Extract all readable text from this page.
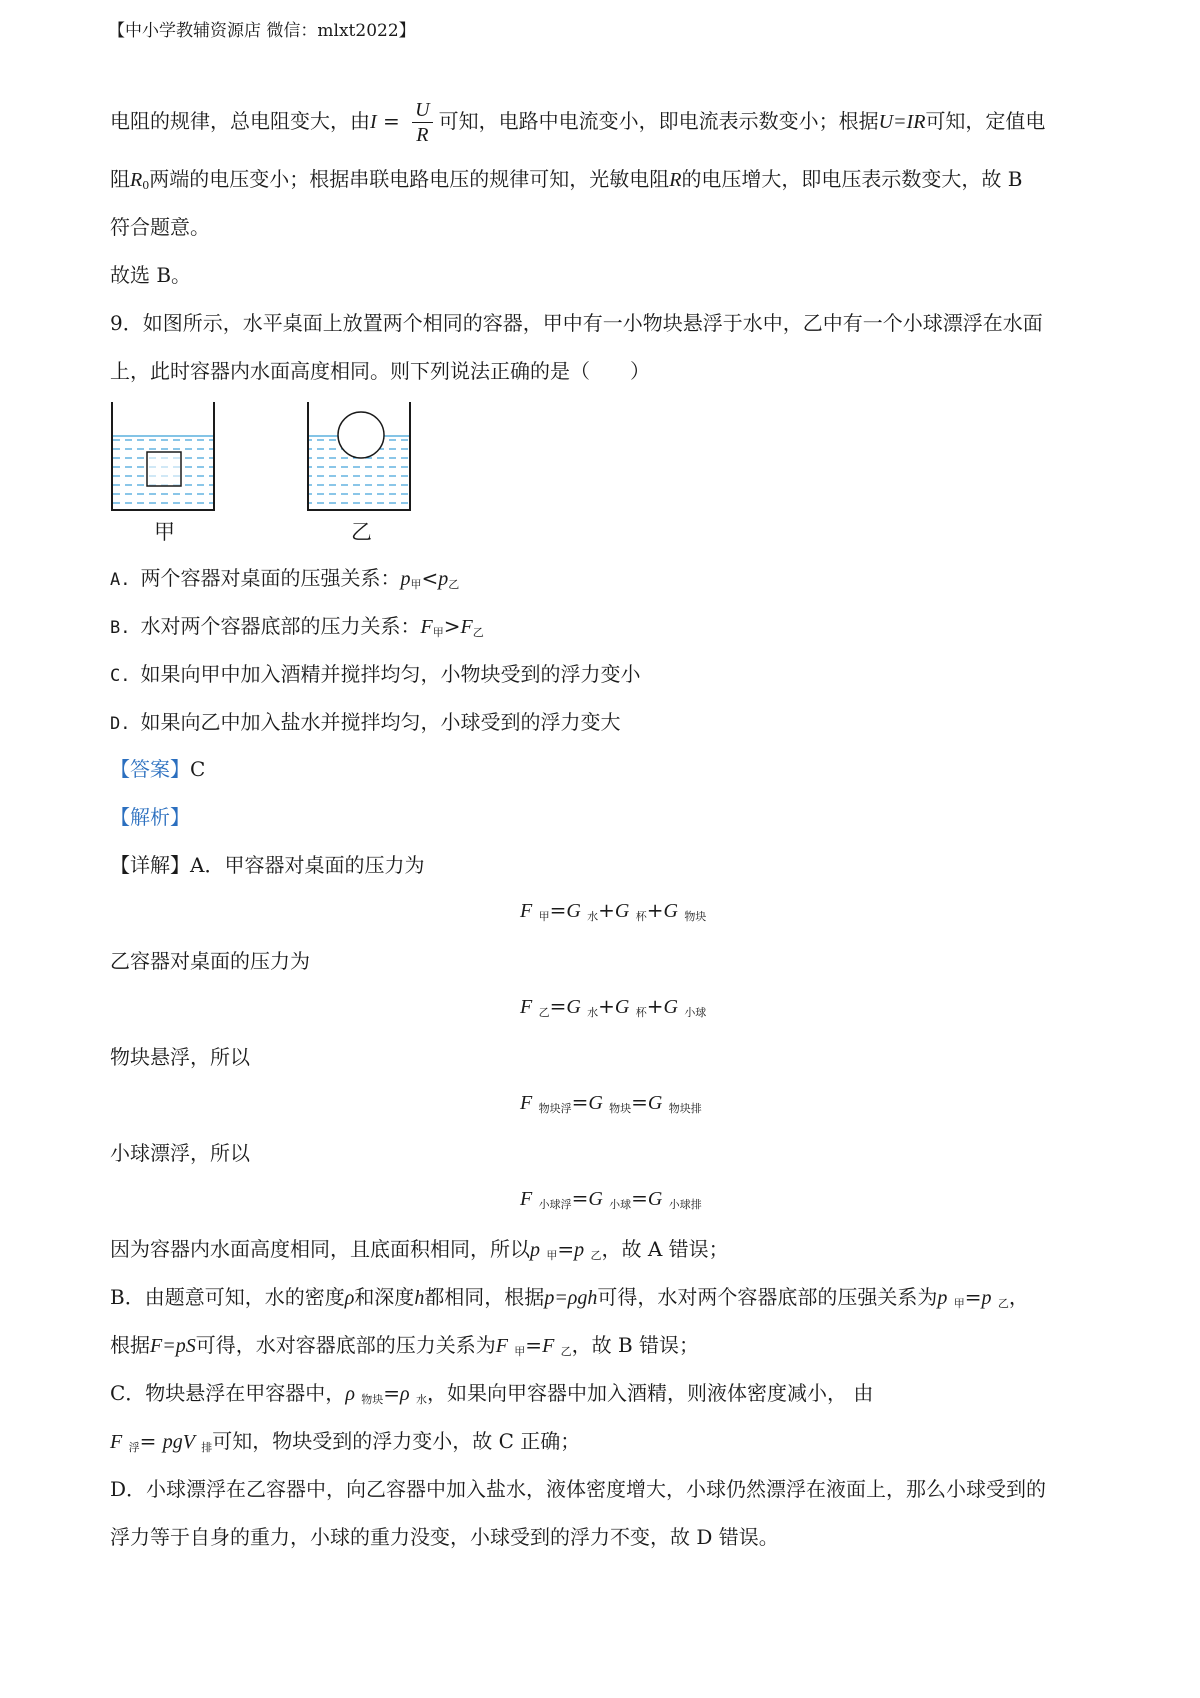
【中小学教辅资源店 微信：mlxt2022】
电阻的规律，总电阻变大，由$I = \frac{U}{R}$ 可知，电路中电流变小，即电流表示数变小；根据U=IR可知，定值电
阻$R_0$两端的电压变小；根据串联电路电压的规律可知，光敏电阻R的电压增大，即电压表示数变大，故 B
符合题意。
故选 B。
9．如图所示，水平桌面上放置两个相同的容器，甲中有一小物块悬浮于水中，乙中有一个小球漂浮在水面
上，此时容器内水面高度相同。则下列说法正确的是（　　）
甲	乙
A. 两个容器对桌面的压强关系：$p_甲<p_乙$
B. 水对两个容器底部的压力关系：$F_甲>F_乙$
C. 如果向甲中加入酒精并搅拌均匀，小物块受到的浮力变小
D. 如果向乙中加入盐水并搅拌均匀，小球受到的浮力变大
【答案】C
【解析】
【详解】A．甲容器对桌面的压力为
F $_甲$=G $_水$+G $_杯$+G $_{物块}$
乙容器对桌面的压力为
F $_乙$=G $_水$+G $_杯$+G $_{小球}$
物块悬浮，所以
F $_{物块浮}$=G $_{物块}$=G $_{物块排}$
小球漂浮，所以
F $_{小球浮}$=G $_{小球}$=G $_{小球排}$
因为容器内水面高度相同，且底面积相同，所以p $_甲$=p $_乙$，故 A 错误；
B．由题意可知，水的密度ρ和深度h都相同，根据p=ρgh可得，水对两个容器底部的压强关系为p $_甲$=p $_乙$，
根据F=pS可得，水对容器底部的压力关系为F $_甲$=F $_乙$，故 B 错误；
C．物块悬浮在甲容器中，ρ $_{物块}$=ρ $_水$，如果向甲容器中加入酒精，则液体密度减小， 由
F $_浮$= pgV $_排$可知，物块受到的浮力变小，故 C 正确；
D．小球漂浮在乙容器中，向乙容器中加入盐水，液体密度增大，小球仍然漂浮在液面上，那么小球受到的
浮力等于自身的重力，小球的重力没变，小球受到的浮力不变，故 D 错误。
